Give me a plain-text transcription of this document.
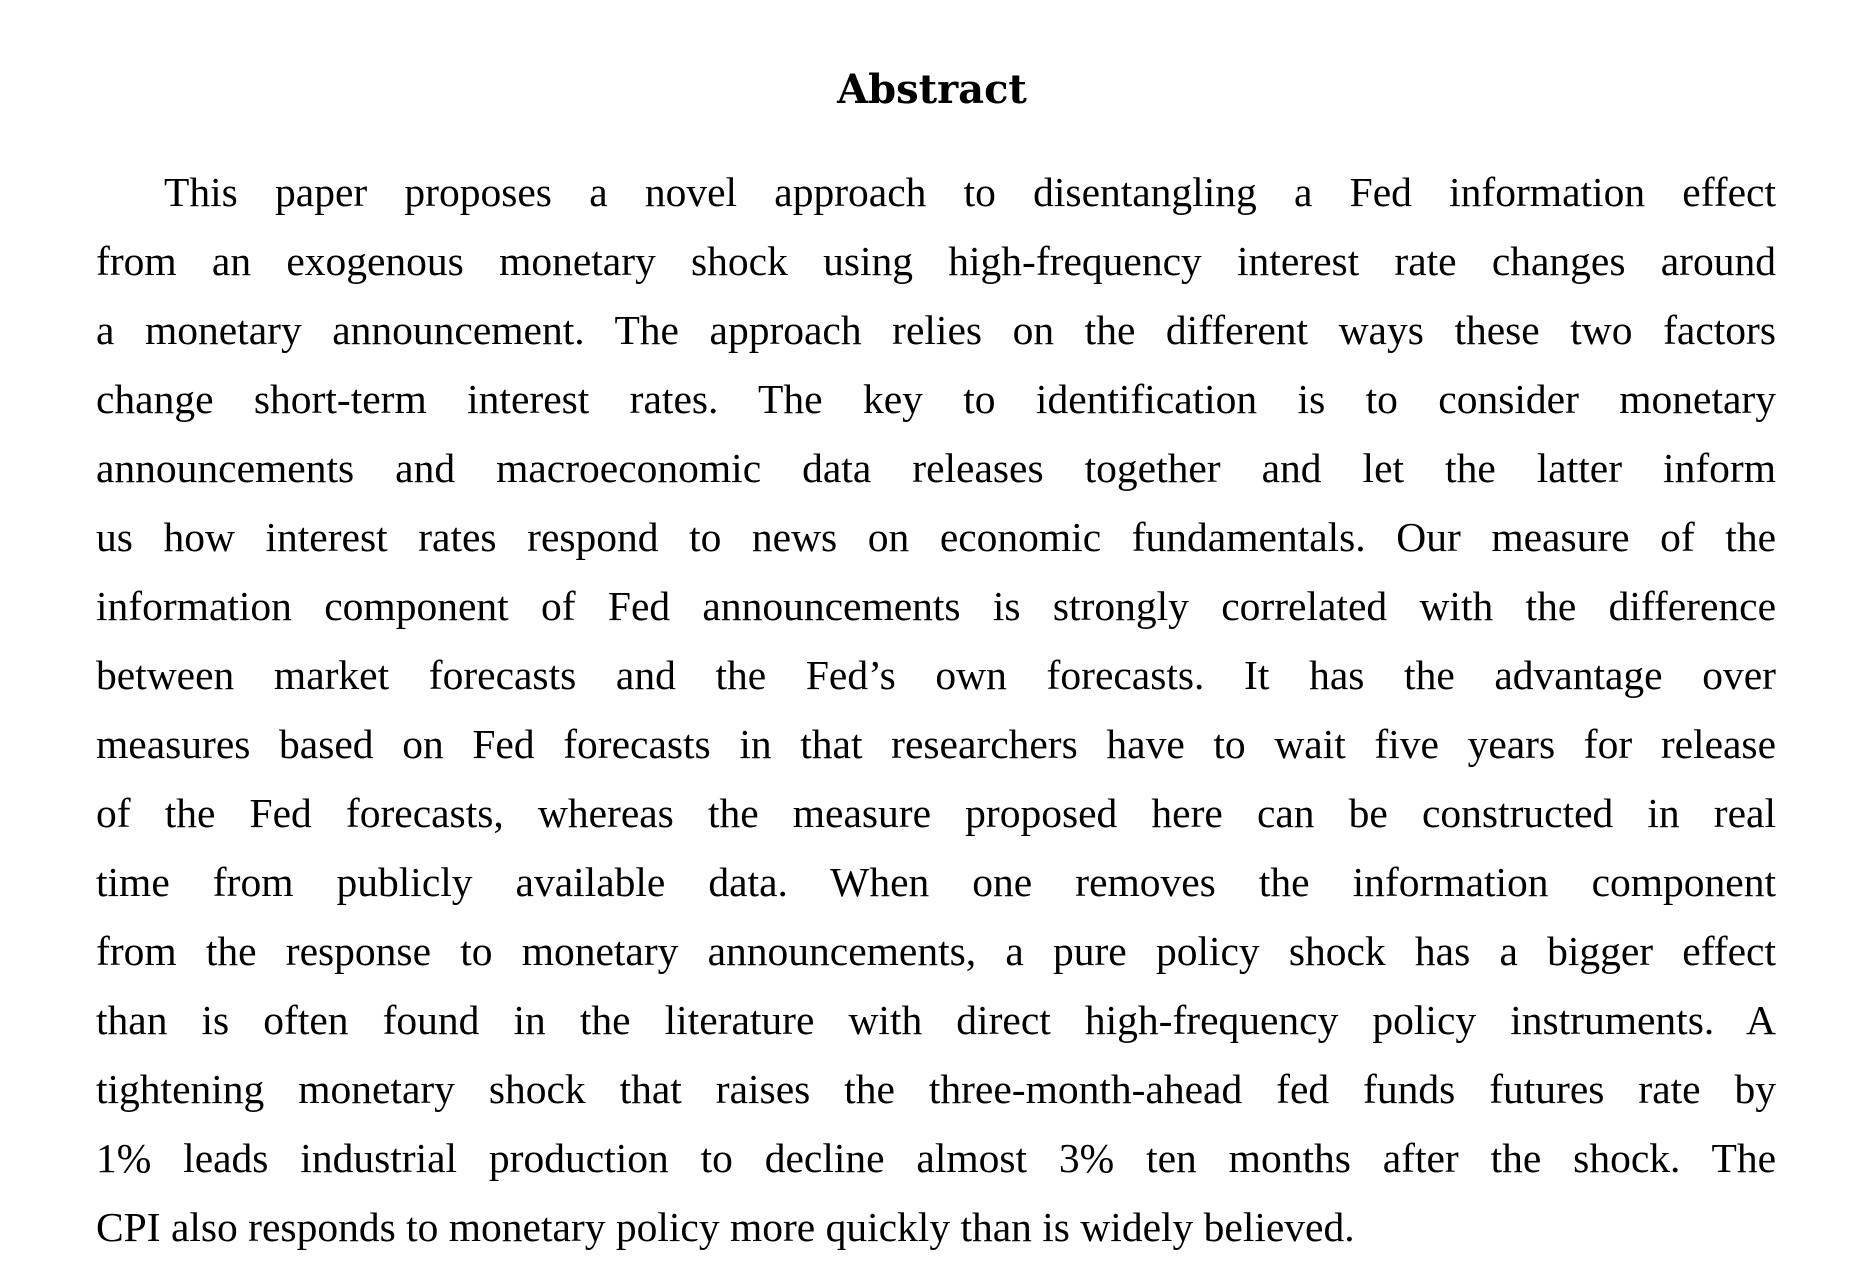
Abstract
This paper proposes a novel approach to disentangling a Fed information effect
from an exogenous monetary shock using high-frequency interest rate changes around
a monetary announcement. The approach relies on the different ways these two factors
change short-term interest rates. The key to identification is to consider monetary
announcements and macroeconomic data releases together and let the latter inform
us how interest rates respond to news on economic fundamentals. Our measure of the
information component of Fed announcements is strongly correlated with the difference
between market forecasts and the Fed’s own forecasts. It has the advantage over
measures based on Fed forecasts in that researchers have to wait five years for release
of the Fed forecasts, whereas the measure proposed here can be constructed in real
time from publicly available data. When one removes the information component
from the response to monetary announcements, a pure policy shock has a bigger effect
than is often found in the literature with direct high-frequency policy instruments. A
tightening monetary shock that raises the three-month-ahead fed funds futures rate by
1% leads industrial production to decline almost 3% ten months after the shock. The
CPI also responds to monetary policy more quickly than is widely believed.
